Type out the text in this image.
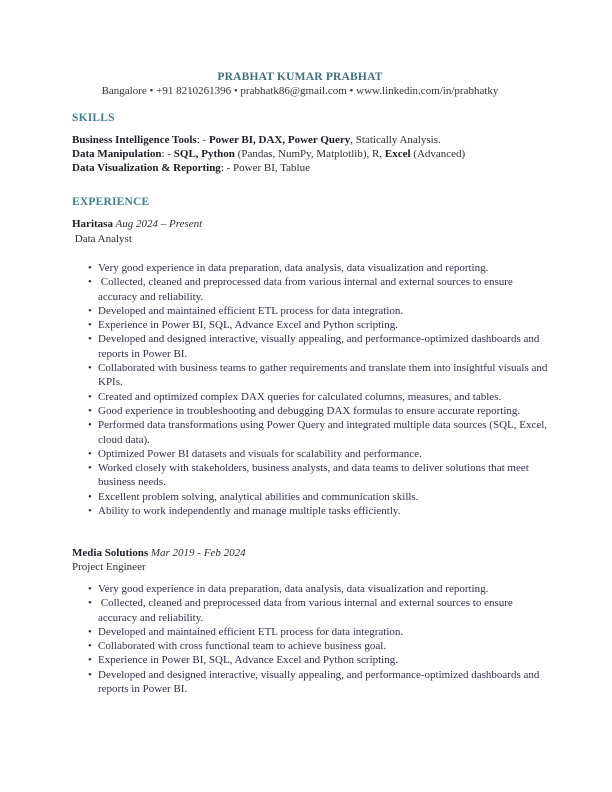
PRABHAT KUMAR PRABHAT
Bangalore • +91 8210261396 • prabhatk86@gmail.com • www.linkedin.com/in/prabhatky
SKILLS
Business Intelligence Tools: - Power BI, DAX, Power Query, Statically Analysis.
Data Manipulation: - SQL, Python (Pandas, NumPy, Matplotlib), R, Excel (Advanced)
Data Visualization & Reporting: - Power BI, Tablue
EXPERIENCE
Haritasa Aug 2024 – Present
Data Analyst
• Very good experience in data preparation, data analysis, data visualization and reporting.
•  Collected, cleaned and preprocessed data from various internal and external sources to ensure accuracy and reliability.
• Developed and maintained efficient ETL process for data integration.
• Experience in Power BI, SQL, Advance Excel and Python scripting.
• Developed and designed interactive, visually appealing, and performance-optimized dashboards and reports in Power BI.
• Collaborated with business teams to gather requirements and translate them into insightful visuals and KPIs.
• Created and optimized complex DAX queries for calculated columns, measures, and tables.
• Good experience in troubleshooting and debugging DAX formulas to ensure accurate reporting.
• Performed data transformations using Power Query and integrated multiple data sources (SQL, Excel, cloud data).
• Optimized Power BI datasets and visuals for scalability and performance.
• Worked closely with stakeholders, business analysts, and data teams to deliver solutions that meet business needs.
• Excellent problem solving, analytical abilities and communication skills.
• Ability to work independently and manage multiple tasks efficiently.
Media Solutions Mar 2019 - Feb 2024
Project Engineer
• Very good experience in data preparation, data analysis, data visualization and reporting.
•  Collected, cleaned and preprocessed data from various internal and external sources to ensure accuracy and reliability.
• Developed and maintained efficient ETL process for data integration.
• Collaborated with cross functional team to achieve business goal.
• Experience in Power BI, SQL, Advance Excel and Python scripting.
• Developed and designed interactive, visually appealing, and performance-optimized dashboards and reports in Power BI.
